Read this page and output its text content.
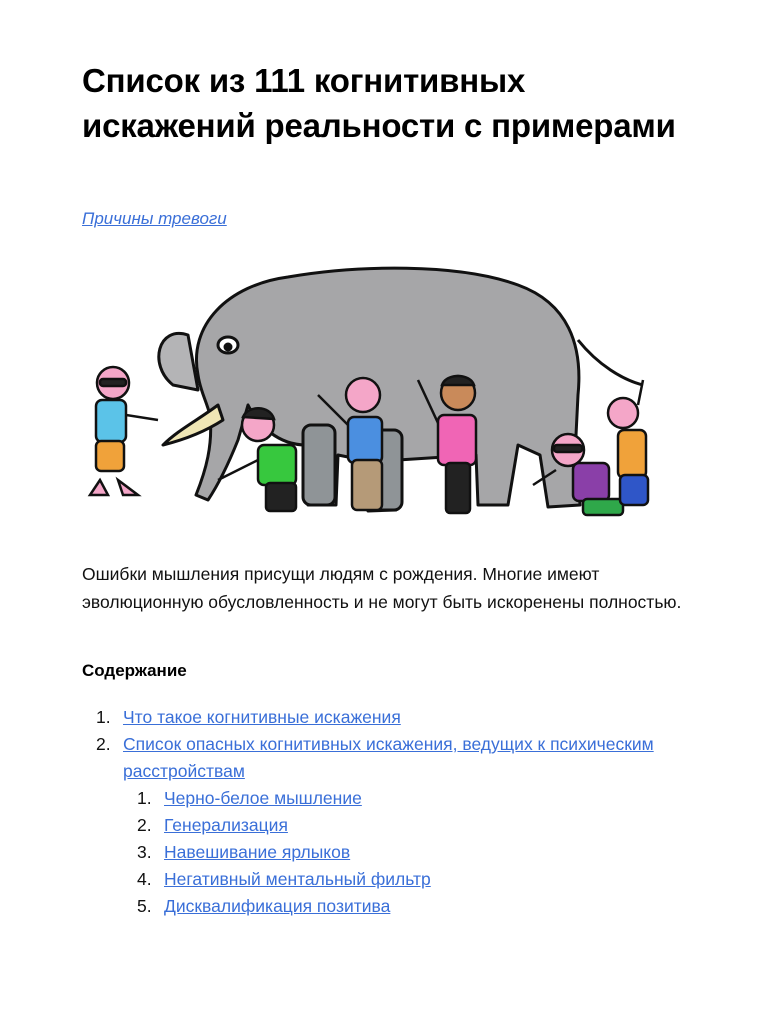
Список из 111 когнитивных искажений реальности с примерами
Причины тревоги

Ошибки мышления присущи людям с рождения. Многие имеют эволюционную обусловленность и не могут быть искоренены полностью.

Содержание
1. Что такое когнитивные искажения
2. Список опасных когнитивных искажения, ведущих к психическим расстройствам
1. Черно-белое мышление
2. Генерализация
3. Навешивание ярлыков
4. Негативный ментальный фильтр
5. Дисквалификация позитива
